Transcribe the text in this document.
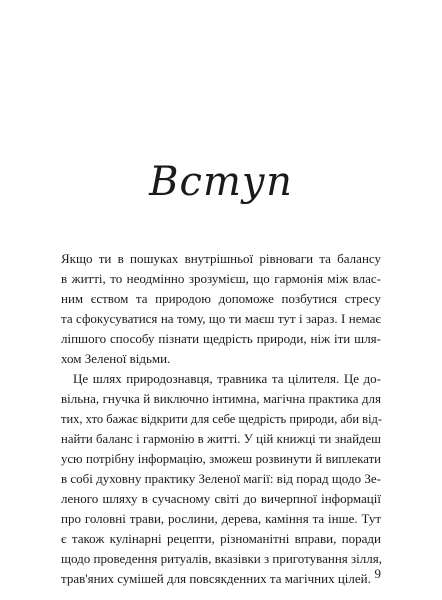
Вступ
Якщо ти в пошуках внутрішньої рівноваги та балансу
в житті, то неодмінно зрозумієш, що гармонія між влас-
ним єством та природою допоможе позбутися стресу
та сфокусуватися на тому, що ти маєш тут і зараз. І немає
ліпшого способу пізнати щедрість природи, ніж іти шля-
хом Зеленої відьми.
Це шлях природознавця, травника та цілителя. Це до-
вільна, гнучка й виключно інтимна, магічна практика для
тих, хто бажає відкрити для себе щедрість природи, аби від-
найти баланс і гармонію в житті. У цій книжці ти знайдеш
усю потрібну інформацію, зможеш розвинути й виплекати
в собі духовну практику Зеленої магії: від порад щодо Зе-
леного шляху в сучасному світі до вичерпної інформації
про головні трави, рослини, дерева, каміння та інше. Тут
є також кулінарні рецепти, різноманітні вправи, поради
щодо проведення ритуалів, вказівки з приготування зілля,
трав'яних сумішей для повсякденних та магічних цілей. 9
